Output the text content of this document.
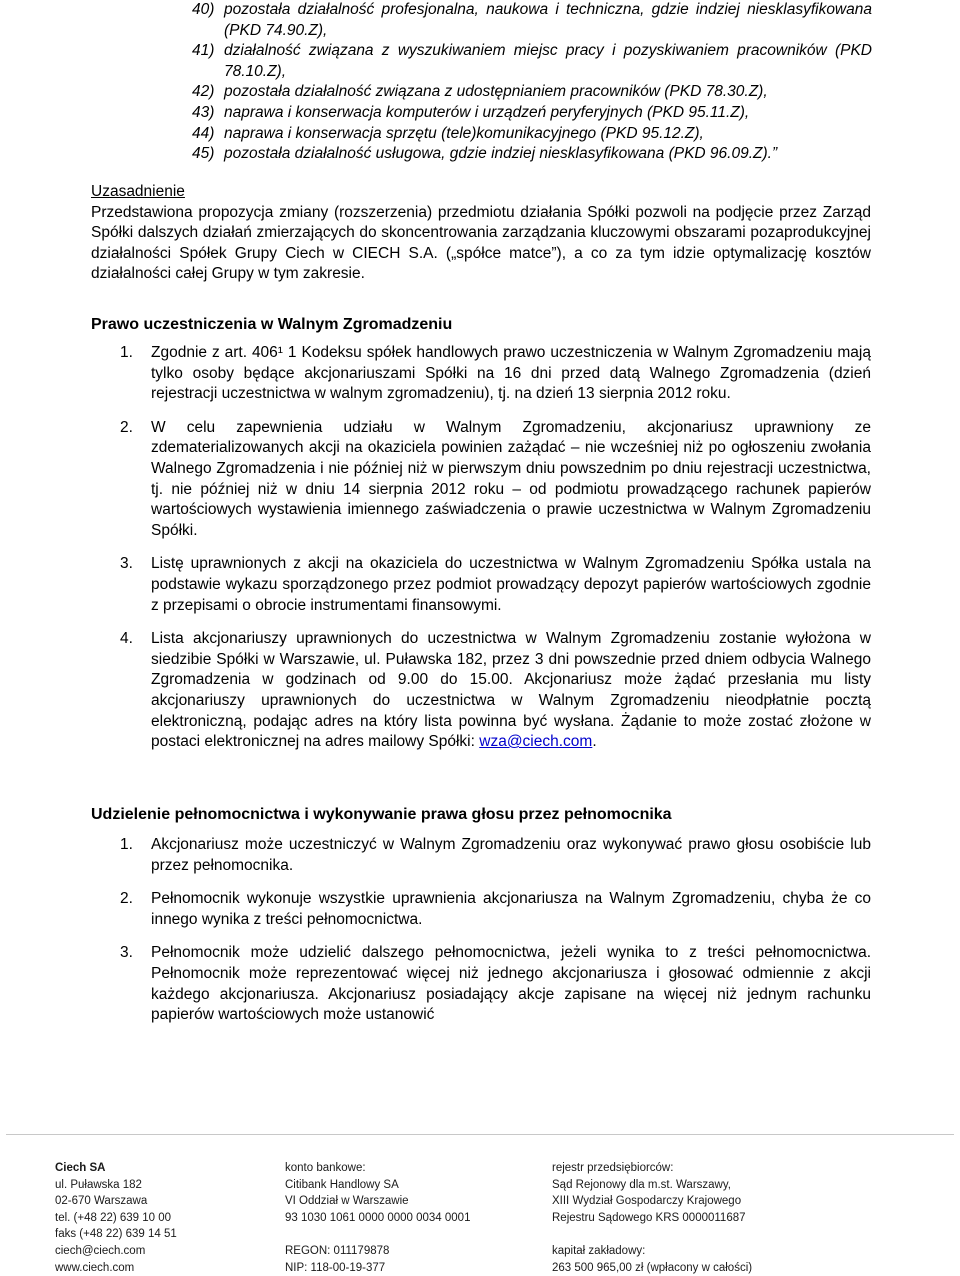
40) pozostała działalność profesjonalna, naukowa i techniczna, gdzie indziej niesklasyfikowana (PKD 74.90.Z),
41) działalność związana z wyszukiwaniem miejsc pracy i pozyskiwaniem pracowników (PKD 78.10.Z),
42) pozostała działalność związana z udostępnianiem pracowników (PKD 78.30.Z),
43) naprawa i konserwacja komputerów i urządzeń peryferyjnych (PKD 95.11.Z),
44) naprawa i konserwacja sprzętu (tele)komunikacyjnego (PKD 95.12.Z),
45) pozostała działalność usługowa, gdzie indziej niesklasyfikowana (PKD 96.09.Z).”
Uzasadnienie
Przedstawiona propozycja zmiany (rozszerzenia) przedmiotu działania Spółki pozwoli na podjęcie przez Zarząd Spółki dalszych działań zmierzających do skoncentrowania zarządzania kluczowymi obszarami pozaprodukcyjnej działalności Spółek Grupy Ciech w CIECH S.A. („spółce matce”), a co za tym idzie optymalizację kosztów działalności całej Grupy w tym zakresie.
Prawo uczestniczenia w Walnym Zgromadzeniu
1.	Zgodnie z art. 406¹ 1 Kodeksu spółek handlowych prawo uczestniczenia w Walnym Zgromadzeniu mają tylko osoby będące akcjonariuszami Spółki na 16 dni przed datą Walnego Zgromadzenia (dzień rejestracji uczestnictwa w walnym zgromadzeniu), tj. na dzień 13 sierpnia 2012 roku.
2.	W celu zapewnienia udziału w Walnym Zgromadzeniu, akcjonariusz uprawniony ze zdematerializowanych akcji na okaziciela powinien zażądać – nie wcześniej niż po ogłoszeniu zwołania Walnego Zgromadzenia i nie później niż w pierwszym dniu powszednim po dniu rejestracji uczestnictwa, tj. nie później niż w dniu 14 sierpnia 2012 roku – od podmiotu prowadzącego rachunek papierów wartościowych wystawienia imiennego zaświadczenia o prawie uczestnictwa w Walnym Zgromadzeniu Spółki.
3.	Listę uprawnionych z akcji na okaziciela do uczestnictwa w Walnym Zgromadzeniu Spółka ustala na podstawie wykazu sporządzonego przez podmiot prowadzący depozyt papierów wartościowych zgodnie z przepisami o obrocie instrumentami finansowymi.
4.	Lista akcjonariuszy uprawnionych do uczestnictwa w Walnym Zgromadzeniu zostanie wyłożona w siedzibie Spółki w Warszawie, ul. Puławska 182, przez 3 dni powszednie przed dniem odbycia Walnego Zgromadzenia w godzinach od 9.00 do 15.00. Akcjonariusz może żądać przesłania mu listy akcjonariuszy uprawnionych do uczestnictwa w Walnym Zgromadzeniu nieodpłatnie pocztą elektroniczną, podając adres na który lista powinna być wysłana. Żądanie to może zostać złożone w postaci elektronicznej na adres mailowy Spółki: wza@ciech.com.
Udzielenie pełnomocnictwa i wykonywanie prawa głosu przez pełnomocnika
1.	Akcjonariusz może uczestniczyć w Walnym Zgromadzeniu oraz wykonywać prawo głosu osobiście lub przez pełnomocnika.
2.	Pełnomocnik wykonuje wszystkie uprawnienia akcjonariusza na Walnym Zgromadzeniu, chyba że co innego wynika z treści pełnomocnictwa.
3.	Pełnomocnik może udzielić dalszego pełnomocnictwa, jeżeli wynika to z treści pełnomocnictwa. Pełnomocnik może reprezentować więcej niż jednego akcjonariusza i głosować odmiennie z akcji każdego akcjonariusza. Akcjonariusz posiadający akcje zapisane na więcej niż jednym rachunku papierów wartościowych może ustanowić
Ciech SA
ul. Puławska 182
02-670 Warszawa
tel. (+48 22) 639 10 00
faks (+48 22) 639 14 51
ciech@ciech.com
www.ciech.com
konto bankowe:
Citibank Handlowy SA
VI Oddział w Warszawie
93 1030 1061 0000 0000 0034 0001
REGON: 011179878
NIP: 118-00-19-377
rejestr przedsiębiorców:
Sąd Rejonowy dla m.st. Warszawy,
XIII Wydział Gospodarczy Krajowego
Rejestru Sądowego KRS 0000011687
kapitał zakładowy:
263 500 965,00 zł (wpłacony w całości)
